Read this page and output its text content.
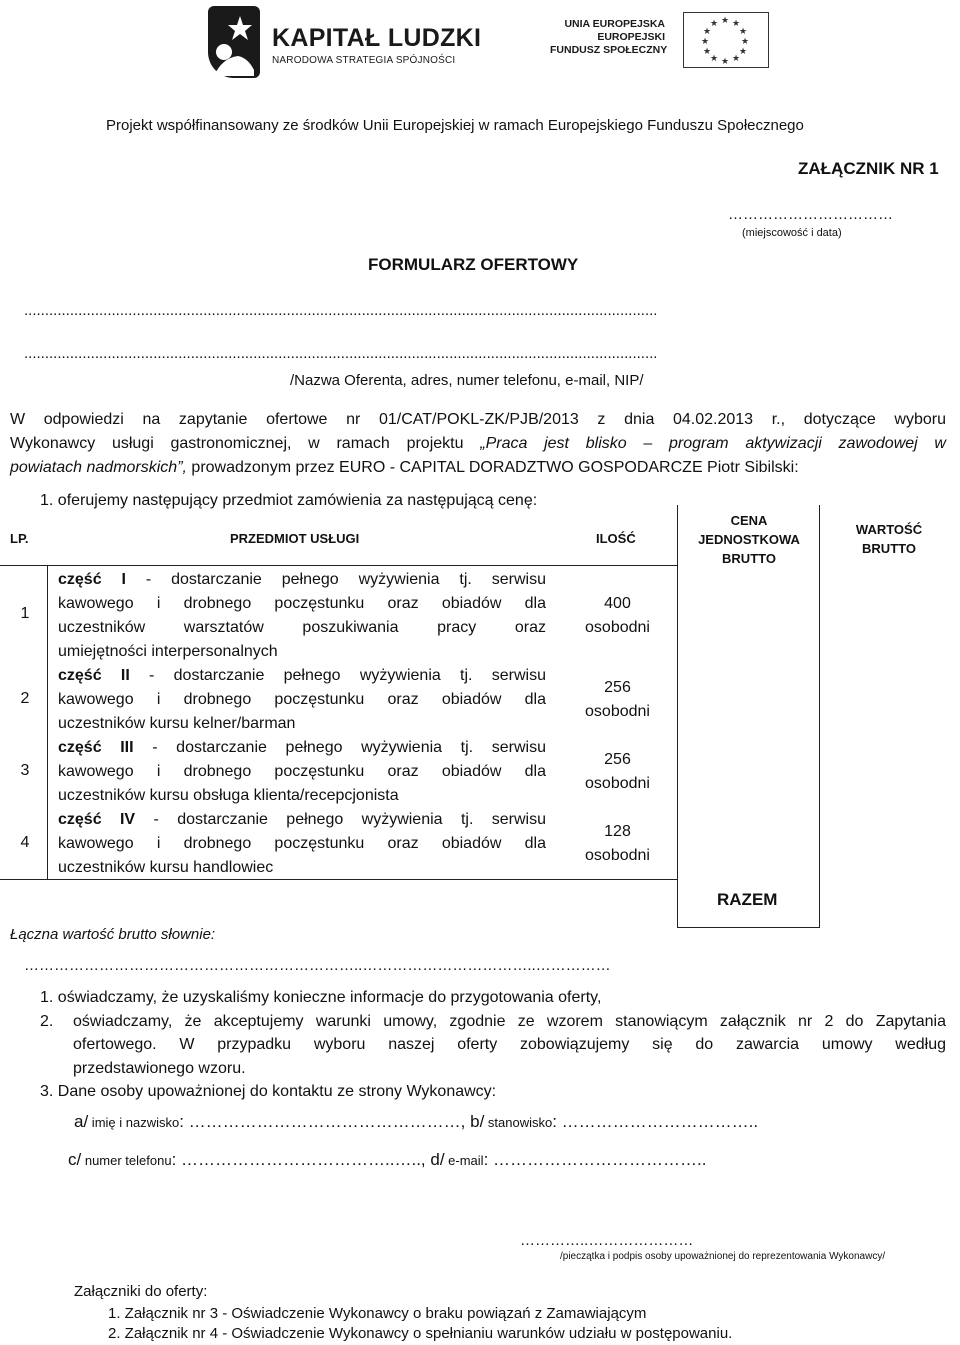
KAPITAŁ LUDZKI
NARODOWA STRATEGIA SPÓJNOŚCI
UNIA EUROPEJSKA
EUROPEJSKI
FUNDUSZ SPOŁECZNY
★ ★
★
★
★
★
★
★
★
★
★
★
Projekt współfinansowany ze środków Unii Europejskiej w ramach Europejskiego Funduszu Społecznego
ZAŁĄCZNIK NR 1
……………………………
(miejscowość i data)
FORMULARZ OFERTOWY
........................................................................................................................................................
........................................................................................................................................................
/Nazwa Oferenta, adres, numer telefonu, e-mail, NIP/
W odpowiedzi na zapytanie ofertowe nr 01/CAT/POKL-ZK/PJB/2013 z dnia 04.02.2013 r., dotyczące wyboru
Wykonawcy usługi gastronomicznej, w ramach projektu „Praca jest blisko – program aktywizacji zawodowej w
powiatach nadmorskich”, prowadzonym przez EURO - CAPITAL DORADZTWO GOSPODARCZE Piotr Sibilski:
1. oferujemy następujący przedmiot zamówienia za następującą cenę:
LP.	PRZEDMIOT USŁUGI	ILOŚĆ
CENA
JEDNOSTKOWA
BRUTTO
WARTOŚĆ
BRUTTO
1
część I - dostarczanie pełnego wyżywienia tj. serwisu
kawowego i drobnego poczęstunku oraz obiadów dla
uczestników warsztatów poszukiwania pracy oraz
umiejętności interpersonalnych
400
osobodni
2
część II - dostarczanie pełnego wyżywienia tj. serwisu
kawowego i drobnego poczęstunku oraz obiadów dla
uczestników kursu kelner/barman
256
osobodni
3
część III - dostarczanie pełnego wyżywienia tj. serwisu
kawowego i drobnego poczęstunku oraz obiadów dla
uczestników kursu obsługa klienta/recepcjonista
256
osobodni
4
część IV - dostarczanie pełnego wyżywienia tj. serwisu
kawowego i drobnego poczęstunku oraz obiadów dla
uczestników kursu handlowiec
128
osobodni
RAZEM
Łączna wartość brutto słownie:
…………………………………………………………..……………………………..……………
1. oświadczamy, że uzyskaliśmy konieczne informacje do przygotowania oferty,
2. oświadczamy, że akceptujemy warunki umowy, zgodnie ze wzorem stanowiącym załącznik nr 2 do Zapytania
ofertowego. W przypadku wyboru naszej oferty zobowiązujemy się do zawarcia umowy według
przedstawionego wzoru.
3. Dane osoby upoważnionej do kontaktu ze strony Wykonawcy:
a/ imię i nazwisko: …………………………………………, b/ stanowisko: ……………………………..
c/ numer telefonu: ………………………………..….., d/ e-mail: ………………………………..
…………..…………………
/pieczątka i podpis osoby upoważnionej do reprezentowania Wykonawcy/
Załączniki do oferty:
1. Załącznik nr 3 - Oświadczenie Wykonawcy o braku powiązań z Zamawiającym
2. Załącznik nr 4 - Oświadczenie Wykonawcy o spełnianiu warunków udziału w postępowaniu.
